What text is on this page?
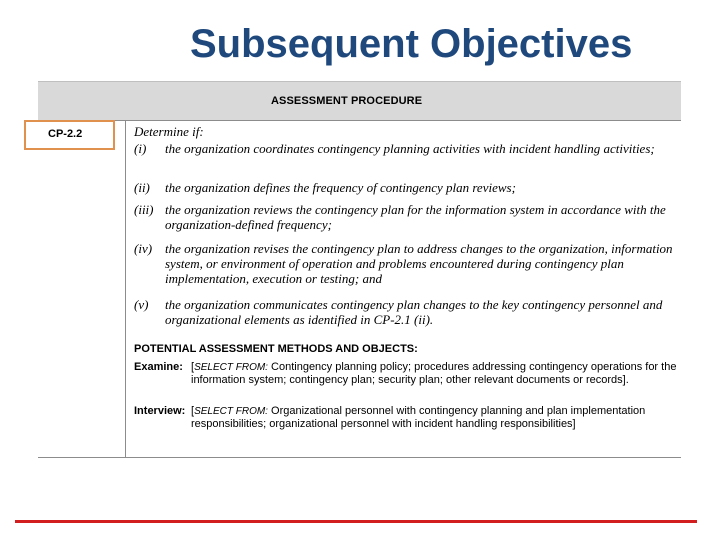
Subsequent Objectives
ASSESSMENT PROCEDURE
Determine if:
(i) the organization coordinates contingency planning activities with incident handling activities;
(ii) the organization defines the frequency of contingency plan reviews;
(iii) the organization reviews the contingency plan for the information system in accordance with the organization-defined frequency;
(iv) the organization revises the contingency plan to address changes to the organization, information system, or environment of operation and problems encountered during contingency plan implementation, execution or testing; and
(v) the organization communicates contingency plan changes to the key contingency personnel and organizational elements as identified in CP-2.1 (ii).
POTENTIAL ASSESSMENT METHODS AND OBJECTS:
Examine: [SELECT FROM: Contingency planning policy; procedures addressing contingency operations for the information system; contingency plan; security plan; other relevant documents or records].
Interview: [SELECT FROM: Organizational personnel with contingency planning and plan implementation responsibilities; organizational personnel with incident handling responsibilities]
CP-2.2
